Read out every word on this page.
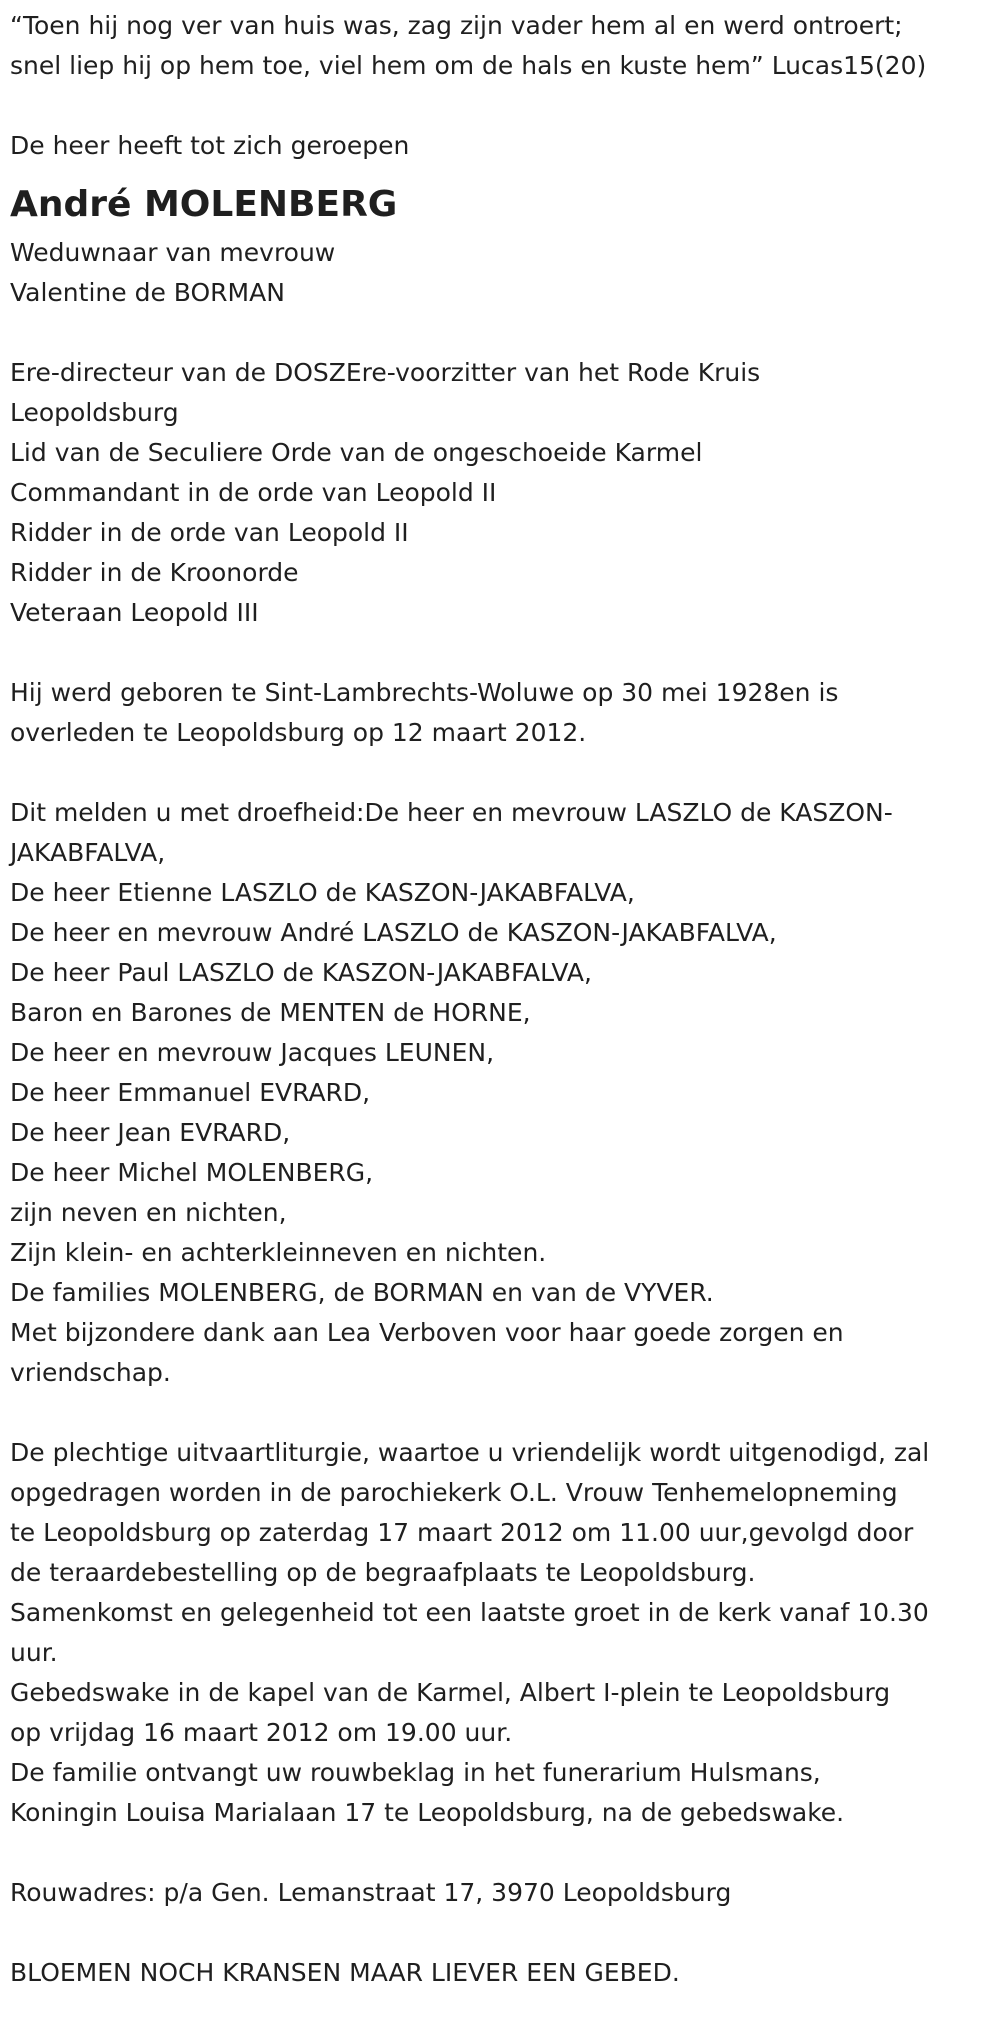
“Toen hij nog ver van huis was, zag zijn vader hem al en werd ontroert;
snel liep hij op hem toe, viel hem om de hals en kuste hem” Lucas15(20)
De heer heeft tot zich geroepen
André MOLENBERG
Weduwnaar van mevrouw
Valentine de BORMAN
Ere-directeur van de DOSZEre-voorzitter van het Rode Kruis
Leopoldsburg
Lid van de Seculiere Orde van de ongeschoeide Karmel
Commandant in de orde van Leopold II
Ridder in de orde van Leopold II
Ridder in de Kroonorde
Veteraan Leopold III
Hij werd geboren te Sint-Lambrechts-Woluwe op 30 mei 1928en is
overleden te Leopoldsburg op 12 maart 2012.
Dit melden u met droefheid:De heer en mevrouw LASZLO de KASZON-
JAKABFALVA,
De heer Etienne LASZLO de KASZON-JAKABFALVA,
De heer en mevrouw André LASZLO de KASZON-JAKABFALVA,
De heer Paul LASZLO de KASZON-JAKABFALVA,
Baron en Barones de MENTEN de HORNE,
De heer en mevrouw Jacques LEUNEN,
De heer Emmanuel EVRARD,
De heer Jean EVRARD,
De heer Michel MOLENBERG,
zijn neven en nichten,
Zijn klein- en achterkleinneven en nichten.
De families MOLENBERG, de BORMAN en van de VYVER.
Met bijzondere dank aan Lea Verboven voor haar goede zorgen en
vriendschap.
De plechtige uitvaartliturgie, waartoe u vriendelijk wordt uitgenodigd, zal
opgedragen worden in de parochiekerk O.L. Vrouw Tenhemelopneming
te Leopoldsburg op zaterdag 17 maart 2012 om 11.00 uur,gevolgd door
de teraardebestelling op de begraafplaats te Leopoldsburg.
Samenkomst en gelegenheid tot een laatste groet in de kerk vanaf 10.30
uur.
Gebedswake in de kapel van de Karmel, Albert I-plein te Leopoldsburg
op vrijdag 16 maart 2012 om 19.00 uur.
De familie ontvangt uw rouwbeklag in het funerarium Hulsmans,
Koningin Louisa Marialaan 17 te Leopoldsburg, na de gebedswake.
Rouwadres: p/a Gen. Lemanstraat 17, 3970 Leopoldsburg
BLOEMEN NOCH KRANSEN MAAR LIEVER EEN GEBED.
